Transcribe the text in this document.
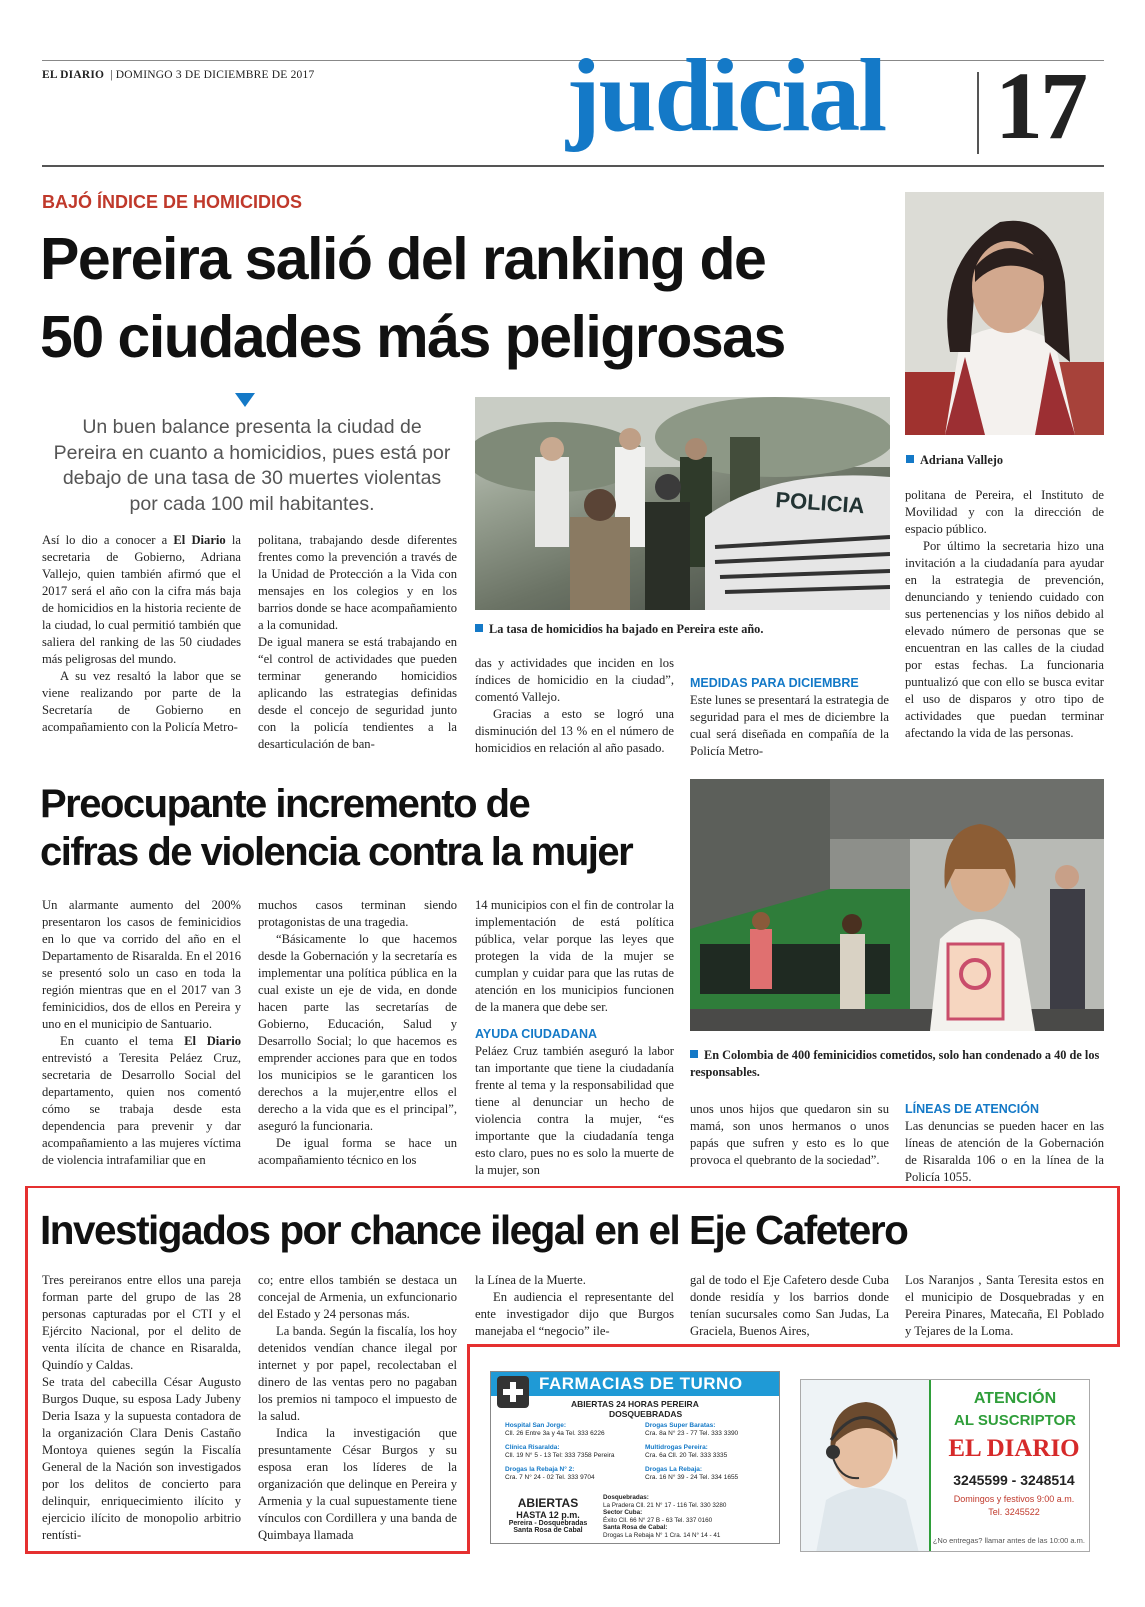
EL DIARIO | DOMINGO 3 DE DICIEMBRE DE 2017 judicial 17
BAJÓ ÍNDICE DE HOMICIDIOS
Pereira salió del ranking de
50 ciudades más peligrosas
Un buen balance presenta la ciudad de Pereira en cuanto a homicidios, pues está por debajo de una tasa de 30 muertes violentas por cada 100 mil habitantes.	POLICIA
La tasa de homicidios ha bajado en Pereira este año.
Adriana Vallejo

Así lo dio a conocer a El Diario la secretaria de Gobierno, Adriana Vallejo, quien también afirmó que el 2017 será el año con la cifra más baja de homicidios en la historia reciente de la ciudad, lo cual permitió también que saliera del ranking de las 50 ciudades más peligrosas del mundo.

A su vez resaltó la labor que se viene realizando por parte de la Secretaría de Gobierno en acompañamiento con la Policía Metro-

politana, trabajando desde diferentes frentes como la prevención a través de la Unidad de Protección a la Vida con mensajes en los colegios y en los barrios donde se hace acompañamiento a la comunidad.

De igual manera se está trabajando en “el control de actividades que pueden terminar generando homicidios aplicando las estrategias definidas desde el concejo de seguridad junto con la policía tendientes a la desarticulación de ban-

das y actividades que inciden en los índices de homicidio en la ciudad”, comentó Vallejo.

Gracias a esto se logró una disminución del 13 % en el número de homicidios en relación al año pasado.

MEDIDAS PARA DICIEMBRE

Este lunes se presentará la estrategia de seguridad para el mes de diciembre la cual será diseñada en compañía de la Policía Metro-

politana de Pereira, el Instituto de Movilidad y con la dirección de espacio público.

Por último la secretaria hizo una invitación a la ciudadanía para ayudar en la estrategia de prevención, denunciando y teniendo cuidado con sus pertenencias y los niños debido al elevado número de personas que se encuentran en las calles de la ciudad por estas fechas. La funcionaria puntualizó que con ello se busca evitar el uso de disparos y otro tipo de actividades que puedan terminar afectando la vida de las personas.

Preocupante incremento de
cifras de violencia contra la mujer
En Colombia de 400 feminicidios cometidos, solo han condenado a 40 de los responsables.

Un alarmante aumento del 200% presentaron los casos de feminicidios en lo que va corrido del año en el Departamento de Risaralda. En el 2016 se presentó solo un caso en toda la región mientras que en el 2017 van 3 feminicidios, dos de ellos en Pereira y uno en el municipio de Santuario.

En cuanto el tema El Diario entrevistó a Teresita Peláez Cruz, secretaria de Desarrollo Social del departamento, quien nos comentó cómo se trabaja desde esta dependencia para prevenir y dar acompañamiento a las mujeres víctima de violencia intrafamiliar que en

muchos casos terminan siendo protagonistas de una tragedia.

“Básicamente lo que hacemos desde la Gobernación y la secretaría es implementar una política pública en la cual existe un eje de vida, en donde hacen parte las secretarías de Gobierno, Educación, Salud y Desarrollo Social; lo que hacemos es emprender acciones para que en todos los municipios se le garanticen los derechos a la mujer,entre ellos el derecho a la vida que es el principal”, aseguró la funcionaria.

De igual forma se hace un acompañamiento técnico en los

14 municipios con el fin de controlar la implementación de está política pública, velar porque las leyes que protegen la vida de la mujer se cumplan y cuidar para que las rutas de atención en los municipios funcionen de la manera que debe ser.

AYUDA CIUDADANA

Peláez Cruz también aseguró la labor tan importante que tiene la ciudadanía frente al tema y la responsabilidad que tiene al denunciar un hecho de violencia contra la mujer, “es importante que la ciudadanía tenga esto claro, pues no es solo la muerte de la mujer, son

unos unos hijos que quedaron sin su mamá, son unos hermanos o unos papás que sufren y esto es lo que provoca el quebranto de la sociedad”.

LÍNEAS DE ATENCIÓN

Las denuncias se pueden hacer en las líneas de atención de la Gobernación de Risaralda 106 o en la línea de la Policía 1055.

Investigados por chance ilegal en el Eje Cafetero

Tres pereiranos entre ellos una pareja forman parte del grupo de las 28 personas capturadas por el CTI y el Ejército Nacional, por el delito de venta ilícita de chance en Risaralda, Quindío y Caldas.

Se trata del cabecilla César Augusto Burgos Duque, su esposa Lady Jubeny Deria Isaza y la supuesta contadora de la organización Clara Denis Castaño Montoya quienes según la Fiscalía General de la Nación son investigados por los delitos de concierto para delinquir, enriquecimiento ilícito y ejercicio ilícito de monopolio arbitrio rentísti-

co; entre ellos también se destaca un concejal de Armenia, un exfuncionario del Estado y 24 personas más.

La banda. Según la fiscalía, los hoy detenidos vendían chance ilegal por internet y por papel, recolectaban el dinero de las ventas pero no pagaban los premios ni tampoco el impuesto de la salud.

Indica la investigación que presuntamente César Burgos y su esposa eran los líderes de la organización que delinque en Pereira y Armenia y la cual supuestamente tiene vínculos con Cordillera y una banda de Quimbaya llamada

la Línea de la Muerte.

En audiencia el representante del ente investigador dijo que Burgos manejaba el “negocio” ile-

gal de todo el Eje Cafetero desde Cuba donde residía y los barrios donde tenían sucursales como San Judas, La Graciela, Buenos Aires,

Los Naranjos , Santa Teresita estos en el municipio de Dosquebradas y en Pereira Pinares, Matecaña, El Poblado y Tejares de la Loma.

FARMACIAS DE TURNO
ABIERTAS 24 HORAS PEREIRA
DOSQUEBRADAS
Hospital San Jorge:
Cll. 26 Entre 3a y 4a Tel. 333 6226
Drogas Super Baratas:
Cra. 8a N° 23 - 77 Tel. 333 3390
Clínica Risaralda:
Cll. 19 N° 5 - 13 Tel: 333 7358 Pereira
Drogas la Rebaja N° 2:
Cra. 7 N° 24 - 02 Tel. 333 9704
Multidrogas Pereira:
Cra. 6a Cll. 20 Tel. 333 3335
Drogas La Rebaja:
Cra. 16 N° 39 - 24 Tel. 334 1655
ABIERTAS
HASTA 12 p.m.
Pereira - Dosquebradas
Santa Rosa de Cabal
Dosquebradas:
La Pradera Cll. 21 N° 17 - 116 Tel. 330 3280
Sector Cuba:
Éxito Cll. 66 N° 27 B - 63 Tel. 337 0160
Santa Rosa de Cabal:
Drogas La Rebaja N° 1 Cra. 14 N° 14 - 41
ATENCIÓN
AL SUSCRIPTOR
EL DIARIO
3245599 - 3248514
Domingos y festivos 9:00 a.m.
Tel. 3245522
¿No entregas? llamar antes de las 10:00 a.m.
